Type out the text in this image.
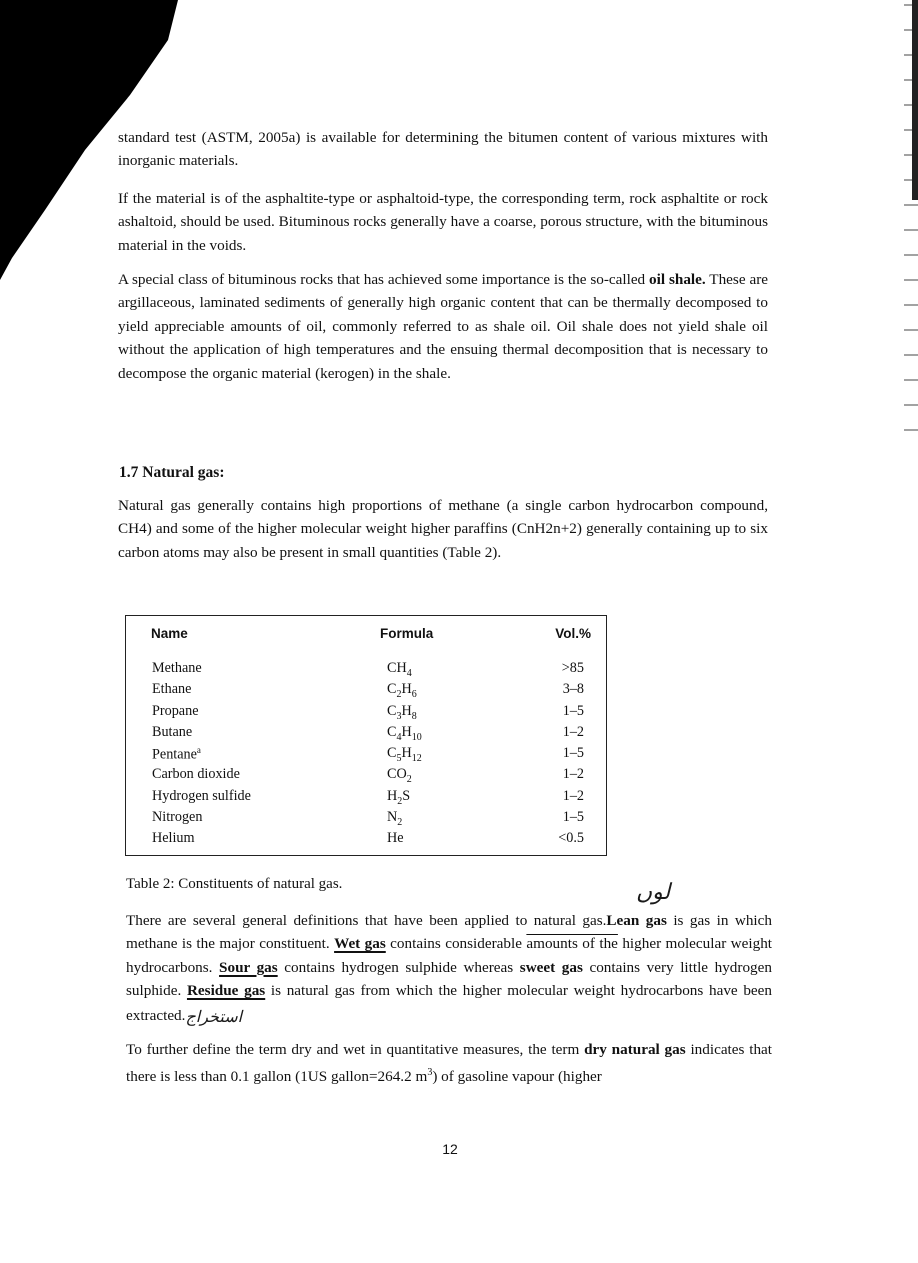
standard test (ASTM, 2005a) is available for determining the bitumen content of various mixtures with inorganic materials.

If the material is of the asphaltite-type or asphaltoid-type, the corresponding term, rock asphaltite or rock ashaltoid, should be used. Bituminous rocks generally have a coarse, porous structure, with the bituminous material in the voids.

A special class of bituminous rocks that has achieved some importance is the so-called oil shale. These are argillaceous, laminated sediments of generally high organic content that can be thermally decomposed to yield appreciable amounts of oil, commonly referred to as shale oil. Oil shale does not yield shale oil without the application of high temperatures and the ensuing thermal decomposition that is necessary to decompose the organic material (kerogen) in the shale.

1.7 Natural gas:

Natural gas generally contains high proportions of methane (a single carbon hydrocarbon compound, CH4) and some of the higher molecular weight higher paraffins (CnH2n+2) generally containing up to six carbon atoms may also be present in small quantities (Table 2).

Name	Formula	Vol.%
Methane	$CH_4$	>85
Ethane	$C_2H_6$	3–8
Propane	$C_3H_8$	1–5
Butane	$C_4H_{10}$	1–2
Pentane$^a$	$C_5H_{12}$	1–5
Carbon dioxide	$CO_2$	1–2
Hydrogen sulfide	$H_2S$	1–2
Nitrogen	$N_2$	1–5
Helium	He	<0.5

Table 2: Constituents of natural gas.	لوں

There are several general definitions that have been applied to natural gas.Lean gas is gas in which methane is the major constituent. Wet gas contains considerable amounts of the higher molecular weight hydrocarbons. Sour gas contains hydrogen sulphide whereas sweet gas contains very little hydrogen sulphide. Residue gas is natural gas from which the higher molecular weight hydrocarbons have been extracted.استخراج

To further define the term dry and wet in quantitative measures, the term dry natural gas indicates that there is less than 0.1 gallon (1US gallon=264.2 $m^3$) of gasoline vapour (higher

12
